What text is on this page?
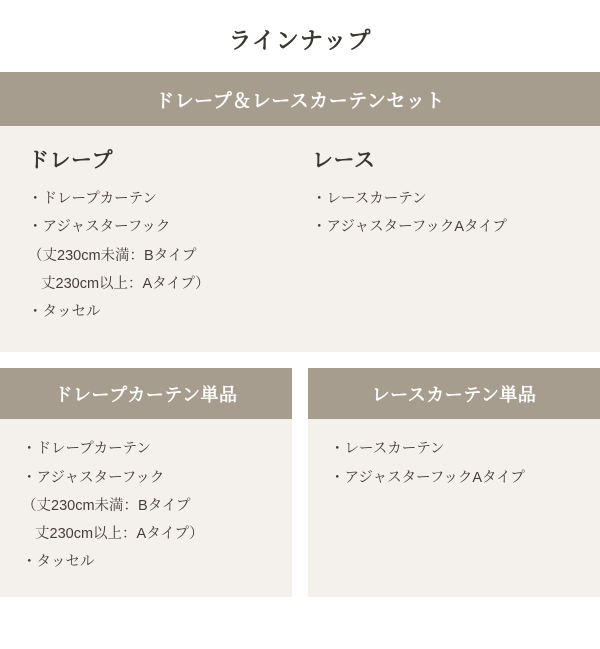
ラインナップ
ドレープ＆レースカーテンセット
ドレープ
・ドレープカーテン
・アジャスターフック
（丈230cm未満：Bタイプ
丈230cm以上：Aタイプ）
・タッセル
レース
・レースカーテン
・アジャスターフックAタイプ
ドレープカーテン単品
・ドレープカーテン
・アジャスターフック
（丈230cm未満：Bタイプ
丈230cm以上：Aタイプ）
・タッセル
レースカーテン単品
・レースカーテン
・アジャスターフックAタイプ
